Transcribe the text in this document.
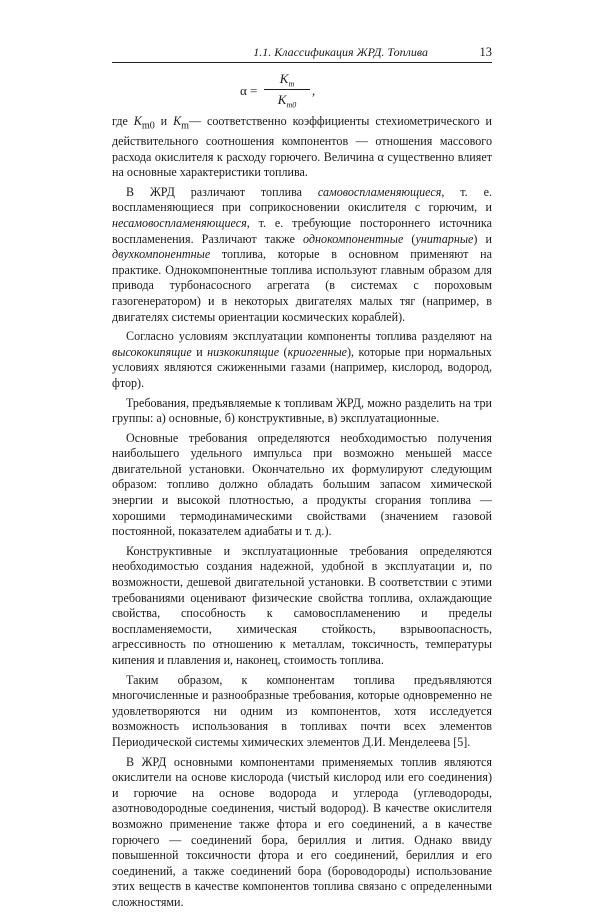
1.1. Классификация ЖРД. Топлива	13
α =
$K_m$
$K_{m0}$
,

где $K_{m0}$ и $K_m—$ соответственно коэффициенты стехиометрического и действительного соотношения компонентов — отношения массового расхода окислителя к расходу горючего. Величина α существенно влияет на основные характеристики топлива.

В ЖРД различают топлива самовоспламеняющиеся, т. е. воспламеняющиеся при соприкосновении окислителя с горючим, и несамовоспламеняющиеся, т. е. требующие постороннего источника воспламенения. Различают также однокомпонентные (унитарные) и двухкомпонентные топлива, которые в основном применяют на практике. Однокомпонентные топлива используют главным образом для привода турбонасосного агрегата (в системах с пороховым газогенератором) и в некоторых двигателях малых тяг (например, в двигателях системы ориентации космических кораблей).

Согласно условиям эксплуатации компоненты топлива разделяют на высококипящие и низкокипящие (криогенные), которые при нормальных условиях являются сжиженными газами (например, кислород, водород, фтор).

Требования, предъявляемые к топливам ЖРД, можно разделить на три группы: а) основные, б) конструктивные, в) эксплуатационные.

Основные требования определяются необходимостью получения наибольшего удельного импульса при возможно меньшей массе двигательной установки. Окончательно их формулируют следующим образом: топливо должно обладать большим запасом химической энергии и высокой плотностью, а продукты сгорания топлива — хорошими термодинамическими свойствами (значением газовой постоянной, показателем адиабаты и т. д.).

Конструктивные и эксплуатационные требования определяются необходимостью создания надежной, удобной в эксплуатации и, по возможности, дешевой двигательной установки. В соответствии с этими требованиями оценивают физические свойства топлива, охлаждающие свойства, способность к самовоспламенению и пределы воспламеняемости, химическая стойкость, взрывоопасность, агрессивность по отношению к металлам, токсичность, температуры кипения и плавления и, наконец, стоимость топлива.

Таким образом, к компонентам топлива предъявляются многочисленные и разнообразные требования, которые одновременно не удовлетворяются ни одним из компонентов, хотя исследуется возможность использования в топливах почти всех элементов Периодической системы химических элементов Д.И. Менделеева [5].

В ЖРД основными компонентами применяемых топлив являются окислители на основе кислорода (чистый кислород или его соединения) и горючие на основе водорода и углерода (углеводороды, азотноводородные соединения, чистый водород). В качестве окислителя возможно применение также фтора и его соединений, а в качестве горючего — соединений бора, бериллия и лития. Однако ввиду повышенной токсичности фтора и его соединений, бериллия и его соединений, а также соединений бора (бороводороды) использование этих веществ в качестве компонентов топлива связано с определенными сложностями.
